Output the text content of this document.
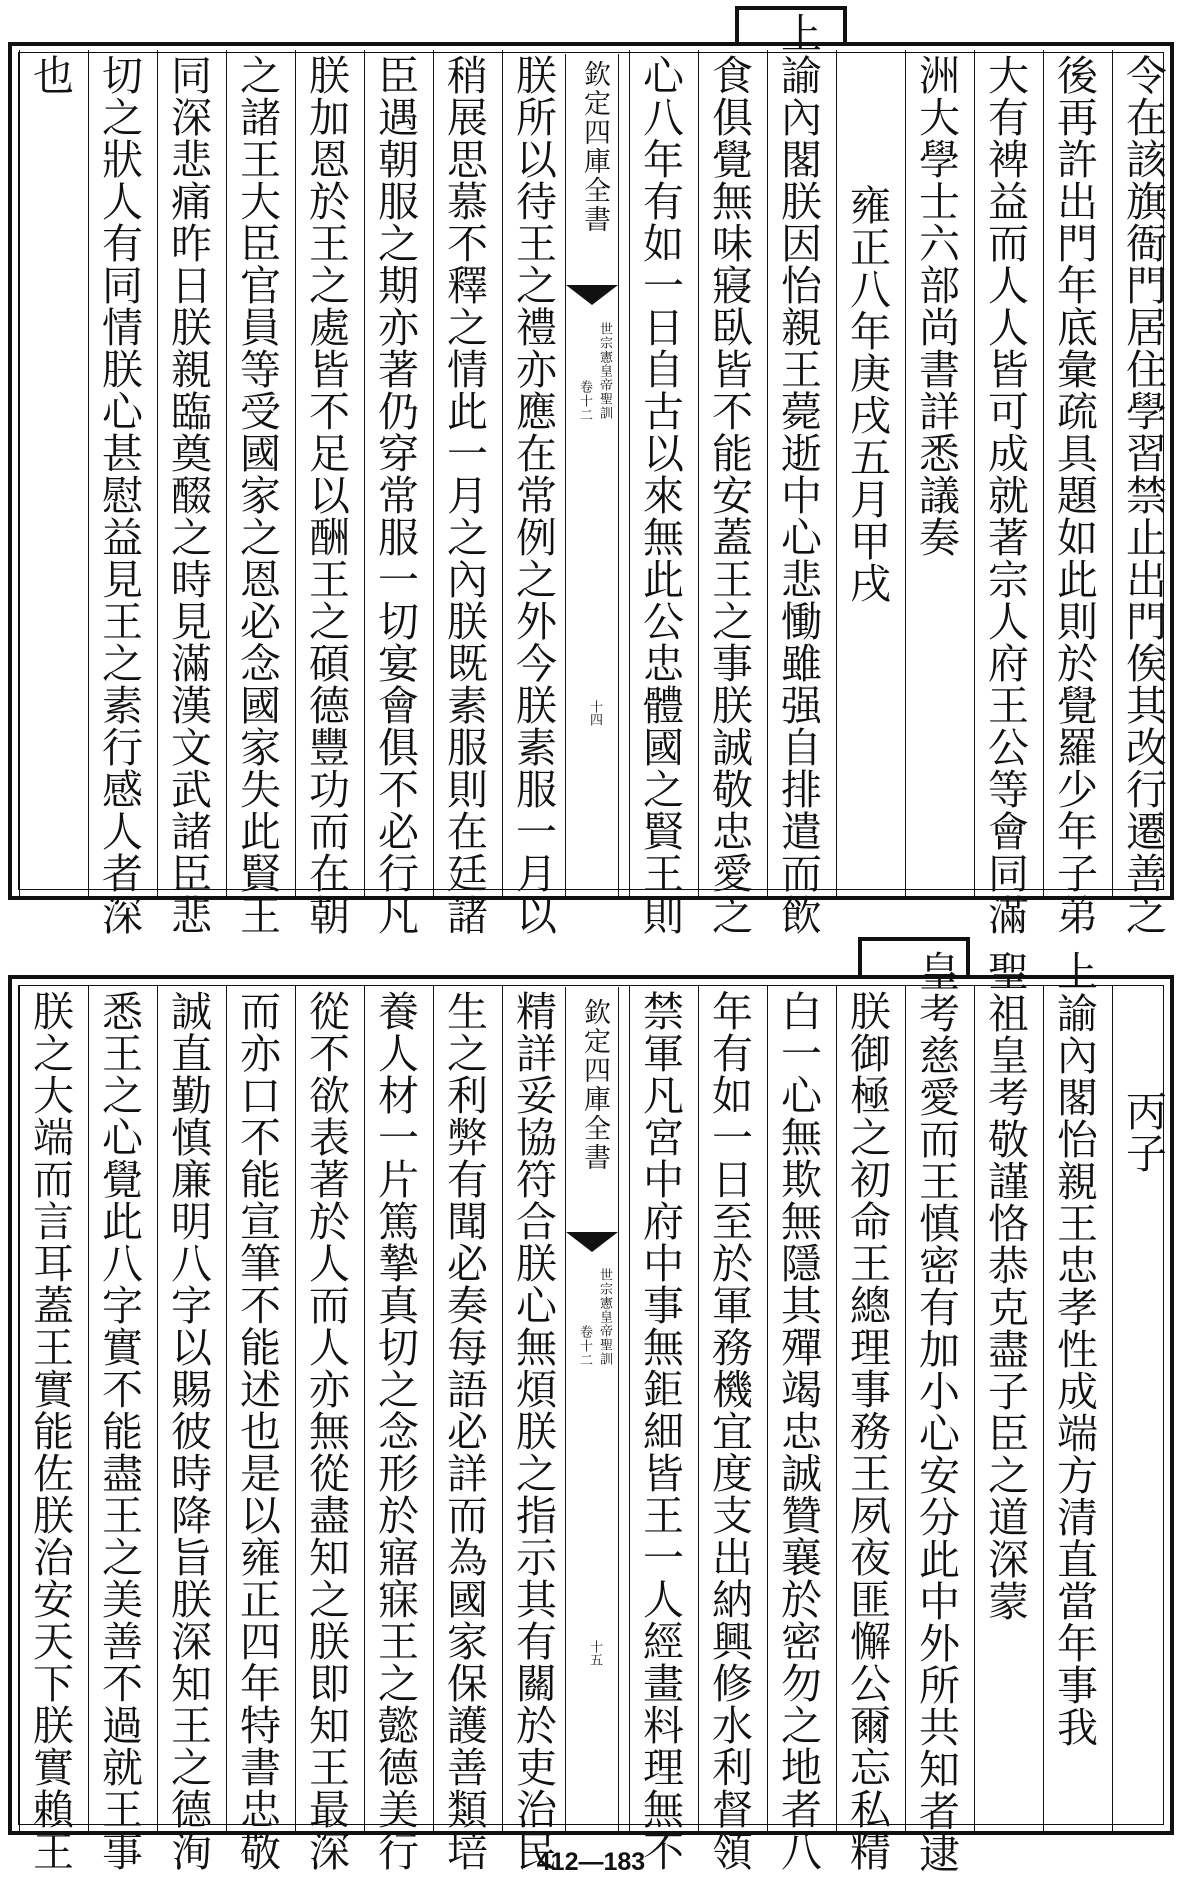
令在該旗衙門居住學習禁止出門俟其改行遷善之
後再許出門年底彙疏具題如此則於覺羅少年子弟
大有裨益而人人皆可成就著宗人府王公等會同滿
洲大學士六部尚書詳悉議奏
雍正八年庚戌五月甲戌
上諭內閣朕因怡親王薨逝中心悲慟雖强自排遣而飲
食俱覺無味寢臥皆不能安蓋王之事朕誠敬忠愛之
心八年有如一日自古以來無此公忠體國之賢王則
朕所以待王之禮亦應在常例之外今朕素服一月以
稍展思慕不釋之情此一月之內朕既素服則在廷諸
臣遇朝服之期亦著仍穿常服一切宴會俱不必行凡
朕加恩於王之處皆不足以酬王之碩德豐功而在朝
之諸王大臣官員等受國家之恩必念國家失此賢王
同深悲痛昨日朕親臨奠醊之時見滿漢文武諸臣悲
切之狀人有同情朕心甚慰益見王之素行感人者深
也	欽定四庫全書
世宗憲皇帝聖訓
卷十二
十四
丙子
上諭內閣怡親王忠孝性成端方清直當年事我
聖祖皇考敬謹恪恭克盡子臣之道深蒙
皇考慈愛而王慎密有加小心安分此中外所共知者逮
朕御極之初命王總理事務王夙夜匪懈公爾忘私精
白一心無欺無隱其殫竭忠誠贊襄於密勿之地者八
年有如一日至於軍務機宜度支出納興修水利督領
禁軍凡宮中府中事無鉅細皆王一人經畫料理無不
精詳妥協符合朕心無煩朕之指示其有關於吏治民
生之利弊有聞必奏每語必詳而為國家保護善類培
養人材一片篤摯真切之念形於寤寐王之懿德美行
從不欲表著於人而人亦無從盡知之朕即知王最深
而亦口不能宣筆不能述也是以雍正四年特書忠敬
誠直勤慎廉明八字以賜彼時降旨朕深知王之德洵
悉王之心覺此八字實不能盡王之美善不過就王事
朕之大端而言耳蓋王實能佐朕治安天下朕實賴王	欽定四庫全書
世宗憲皇帝聖訓
卷十二
十五
412—183
